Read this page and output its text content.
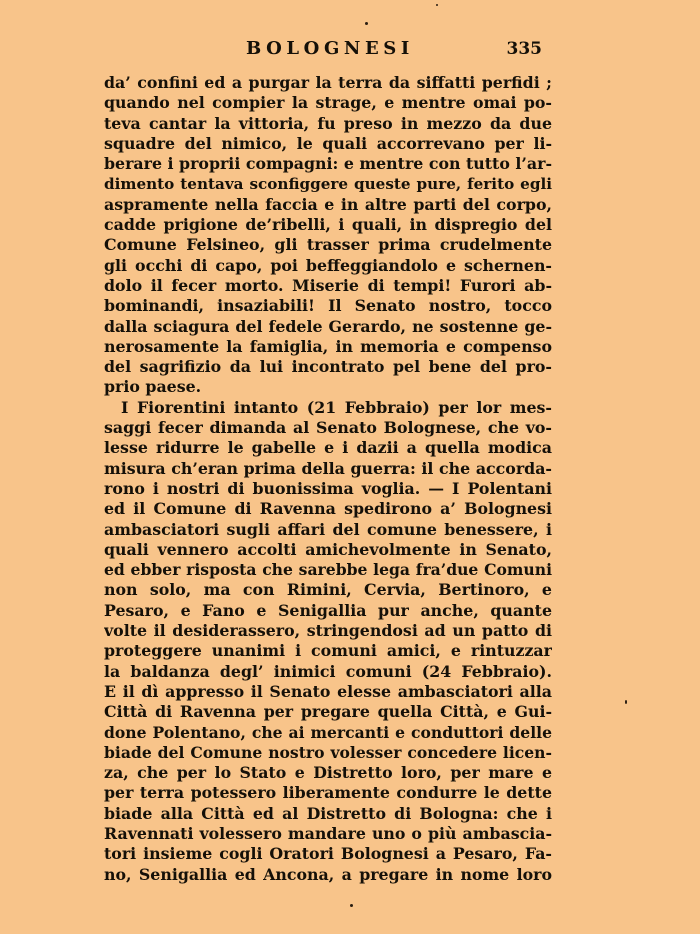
BOLOGNESI	335
da’ confini ed a purgar la terra da siffatti perfidi ;
quando nel compier la strage, e mentre omai po-
teva cantar la vittoria, fu preso in mezzo da due
squadre del nimico, le quali accorrevano per li-
berare i proprii compagni: e mentre con tutto l’ar-
dimento tentava sconfiggere queste pure, ferito egli
aspramente nella faccia e in altre parti del corpo,
cadde prigione de’ribelli, i quali, in dispregio del
Comune Felsineo, gli trasser prima crudelmente
gli occhi di capo, poi beffeggiandolo e schernen-
dolo il fecer morto. Miserie di tempi! Furori ab-
bominandi, insaziabili! Il Senato nostro, tocco
dalla sciagura del fedele Gerardo, ne sostenne ge-
nerosamente la famiglia, in memoria e compenso
del sagrifizio da lui incontrato pel bene del pro-
prio paese.
I Fiorentini intanto (21 Febbraio) per lor mes-
saggi fecer dimanda al Senato Bolognese, che vo-
lesse ridurre le gabelle e i dazii a quella modica
misura ch’eran prima della guerra: il che accorda-
rono i nostri di buonissima voglia. — I Polentani
ed il Comune di Ravenna spedirono a’ Bolognesi
ambasciatori sugli affari del comune benessere, i
quali vennero accolti amichevolmente in Senato,
ed ebber risposta che sarebbe lega fra’due Comuni
non solo, ma con Rimini, Cervia, Bertinoro, e
Pesaro, e Fano e Senigallia pur anche, quante
volte il desiderassero, stringendosi ad un patto di
proteggere unanimi i comuni amici, e rintuzzar
la baldanza degl’ inimici comuni (24 Febbraio).
E il dì appresso il Senato elesse ambasciatori alla
Città di Ravenna per pregare quella Città, e Gui-
done Polentano, che ai mercanti e conduttori delle
biade del Comune nostro volesser concedere licen-
za, che per lo Stato e Distretto loro, per mare e
per terra potessero liberamente condurre le dette
biade alla Città ed al Distretto di Bologna: che i
Ravennati volessero mandare uno o più ambascia-
tori insieme cogli Oratori Bolognesi a Pesaro, Fa-
no, Senigallia ed Ancona, a pregare in nome loro
